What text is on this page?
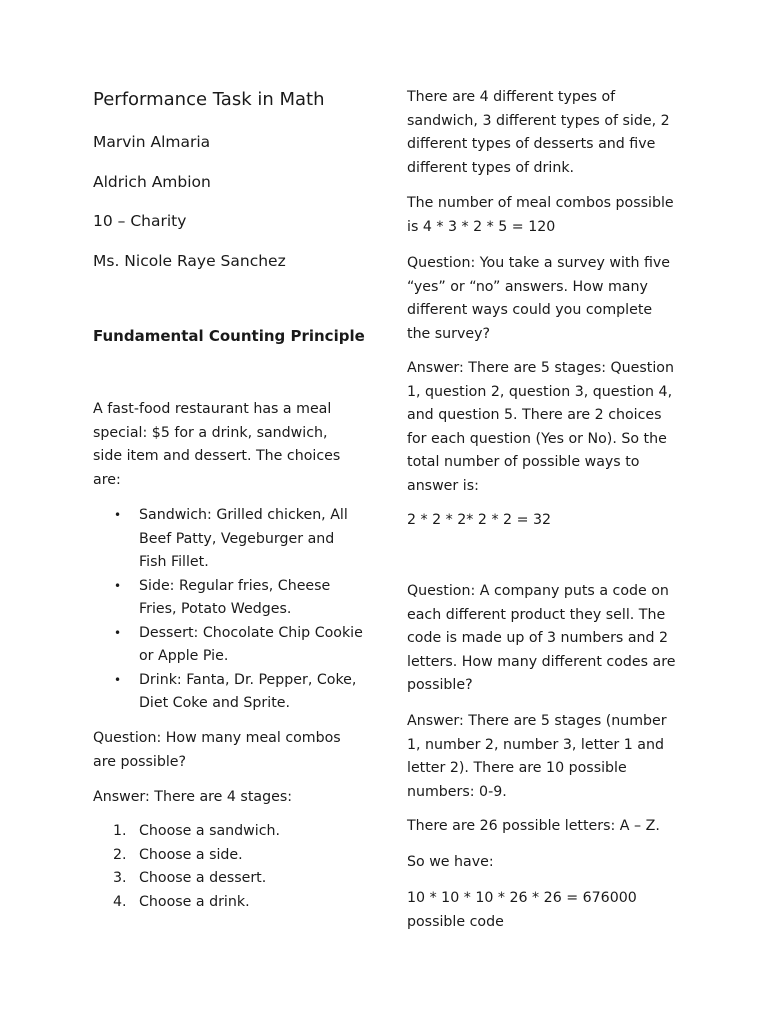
Performance Task in Math

Marvin Almaria

Aldrich Ambion

10 – Charity

Ms. Nicole Raye Sanchez

Fundamental Counting Principle

A fast-food restaurant has a meal special: $5 for a drink, sandwich, side item and dessert. The choices are:

• Sandwich: Grilled chicken, All Beef Patty, Vegeburger and Fish Fillet.
• Side: Regular fries, Cheese Fries, Potato Wedges.
• Dessert: Chocolate Chip Cookie or Apple Pie.
• Drink: Fanta, Dr. Pepper, Coke, Diet Coke and Sprite.

Question: How many meal combos are possible?

Answer: There are 4 stages:

1. Choose a sandwich.
2. Choose a side.
3. Choose a dessert.
4. Choose a drink.

There are 4 different types of sandwich, 3 different types of side, 2 different types of desserts and five different types of drink.

The number of meal combos possible is 4 * 3 * 2 * 5 = 120

Question: You take a survey with five “yes” or “no” answers. How many different ways could you complete the survey?

Answer: There are 5 stages: Question 1, question 2, question 3, question 4, and question 5. There are 2 choices for each question (Yes or No). So the total number of possible ways to answer is:

2 * 2 * 2* 2 * 2 = 32

Question: A company puts a code on each different product they sell. The code is made up of 3 numbers and 2 letters. How many different codes are possible?

Answer: There are 5 stages (number 1, number 2, number 3, letter 1 and letter 2). There are 10 possible numbers: 0-9.

There are 26 possible letters: A – Z.

So we have:

10 * 10 * 10 * 26 * 26 = 676000 possible code
